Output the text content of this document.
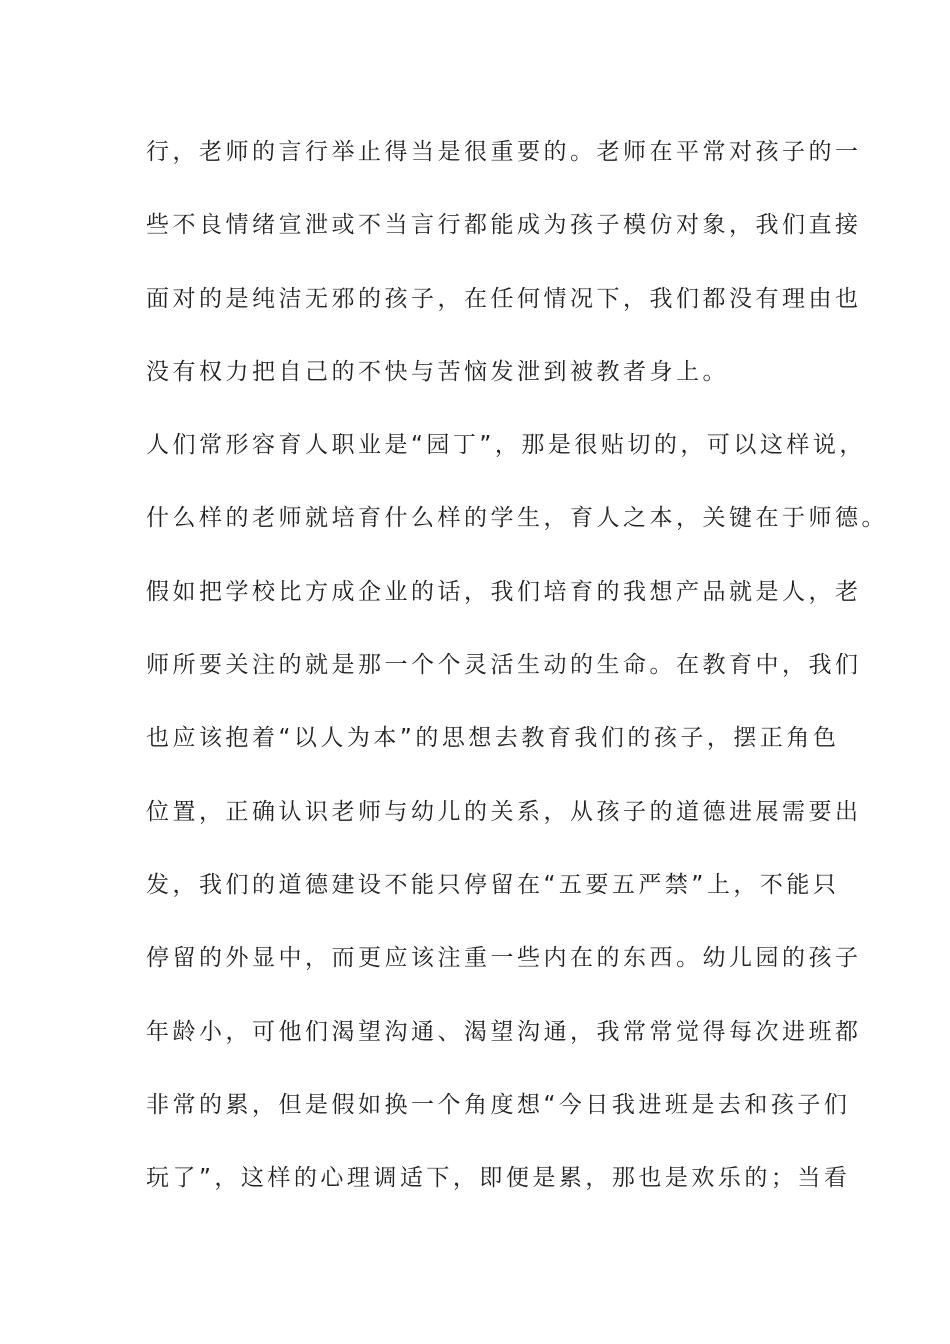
行，老师的言行举止得当是很重要的。老师在平常对孩子的一
些不良情绪宣泄或不当言行都能成为孩子模仿对象，我们直接
面对的是纯洁无邪的孩子，在任何情况下，我们都没有理由也
没有权力把自己的不快与苦恼发泄到被教者身上。
人们常形容育人职业是“园丁”，那是很贴切的，可以这样说，
什么样的老师就培育什么样的学生，育人之本，关键在于师德。
假如把学校比方成企业的话，我们培育的我想产品就是人，老
师所要关注的就是那一个个灵活生动的生命。在教育中，我们
也应该抱着“以人为本”的思想去教育我们的孩子，摆正角色
位置，正确认识老师与幼儿的关系，从孩子的道德进展需要出
发，我们的道德建设不能只停留在“五要五严禁”上，不能只
停留的外显中，而更应该注重一些内在的东西。幼儿园的孩子
年龄小，可他们渴望沟通、渴望沟通，我常常觉得每次进班都
非常的累，但是假如换一个角度想“今日我进班是去和孩子们
玩了”，这样的心理调适下，即便是累，那也是欢乐的；当看
